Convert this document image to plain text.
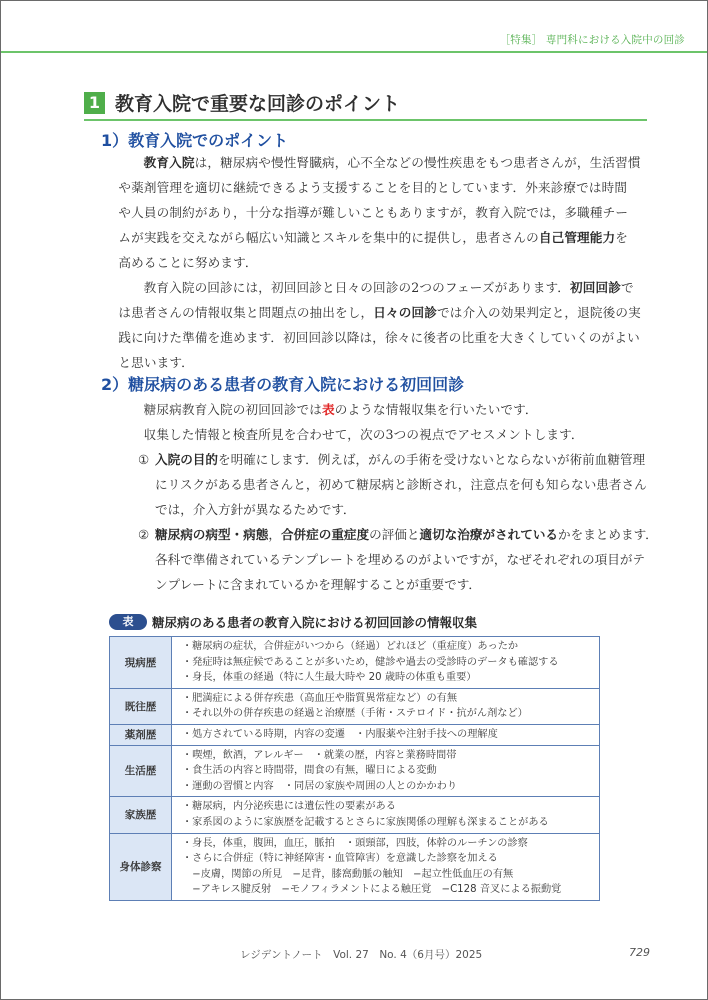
［特集］ 専門科における入院中の回診
1 教育入院で重要な回診のポイント
1）教育入院でのポイント

教育入院は，糖尿病や慢性腎臓病，心不全などの慢性疾患をもつ患者さんが，生活習慣
や薬剤管理を適切に継続できるよう支援することを目的としています．外来診療では時間
や人員の制約があり，十分な指導が難しいこともありますが，教育入院では，多職種チー
ムが実践を交えながら幅広い知識とスキルを集中的に提供し，患者さんの自己管理能力を
高めることに努めます．

教育入院の回診には，初回回診と日々の回診の2つのフェーズがあります．初回回診で
は患者さんの情報収集と問題点の抽出をし，日々の回診では介入の効果判定と，退院後の実
践に向けた準備を進めます．初回回診以降は，徐々に後者の比重を大きくしていくのがよい
と思います．

2）糖尿病のある患者の教育入院における初回回診

糖尿病教育入院の初回回診では表のような情報収集を行いたいです．

収集した情報と検査所見を合わせて，次の3つの視点でアセスメントします．

① 入院の目的を明確にします．例えば，がんの手術を受けないとならないが術前血糖管理
にリスクがある患者さんと，初めて糖尿病と診断され，注意点を何も知らない患者さん
では，介入方針が異なるためです．
② 糖尿病の病型・病態，合併症の重症度の評価と適切な治療がされているかをまとめます．
各科で準備されているテンプレートを埋めるのがよいですが，なぜそれぞれの項目がテ
ンプレートに含まれているかを理解することが重要です．
表	糖尿病のある患者の教育入院における初回回診の情報収集
現病歴	・糖尿病の症状，合併症がいつから（経過）どれほど（重症度）あったか
・発症時は無症候であることが多いため，健診や過去の受診時のデータも確認する
・身長，体重の経過（特に人生最大時や 20 歳時の体重も重要）

既往歴	・肥満症による併存疾患（高血圧や脂質異常症など）の有無
・それ以外の併存疾患の経過と治療歴（手術・ステロイド・抗がん剤など）

薬剤歴	・処方されている時期，内容の変遷　・内服薬や注射手技への理解度

生活歴	・喫煙，飲酒，アレルギー　・就業の歴，内容と業務時間帯
・食生活の内容と時間帯，間食の有無，曜日による変動
・運動の習慣と内容　・同居の家族や周囲の人とのかかわり

家族歴	・糖尿病，内分泌疾患には遺伝性の要素がある
・家系図のように家族歴を記載するとさらに家族関係の理解も深まることがある

身体診察	・身長，体重，腹囲，血圧，脈拍　・頭頸部，四肢，体幹のルーチンの診察
・さらに合併症（特に神経障害・血管障害）を意識した診察を加える
　−皮膚，関節の所見　−足背，膝窩動脈の触知　−起立性低血圧の有無
　−アキレス腱反射　−モノフィラメントによる触圧覚　−C128 音叉による振動覚
レジデントノート　Vol. 27　No. 4（6月号）2025	729
